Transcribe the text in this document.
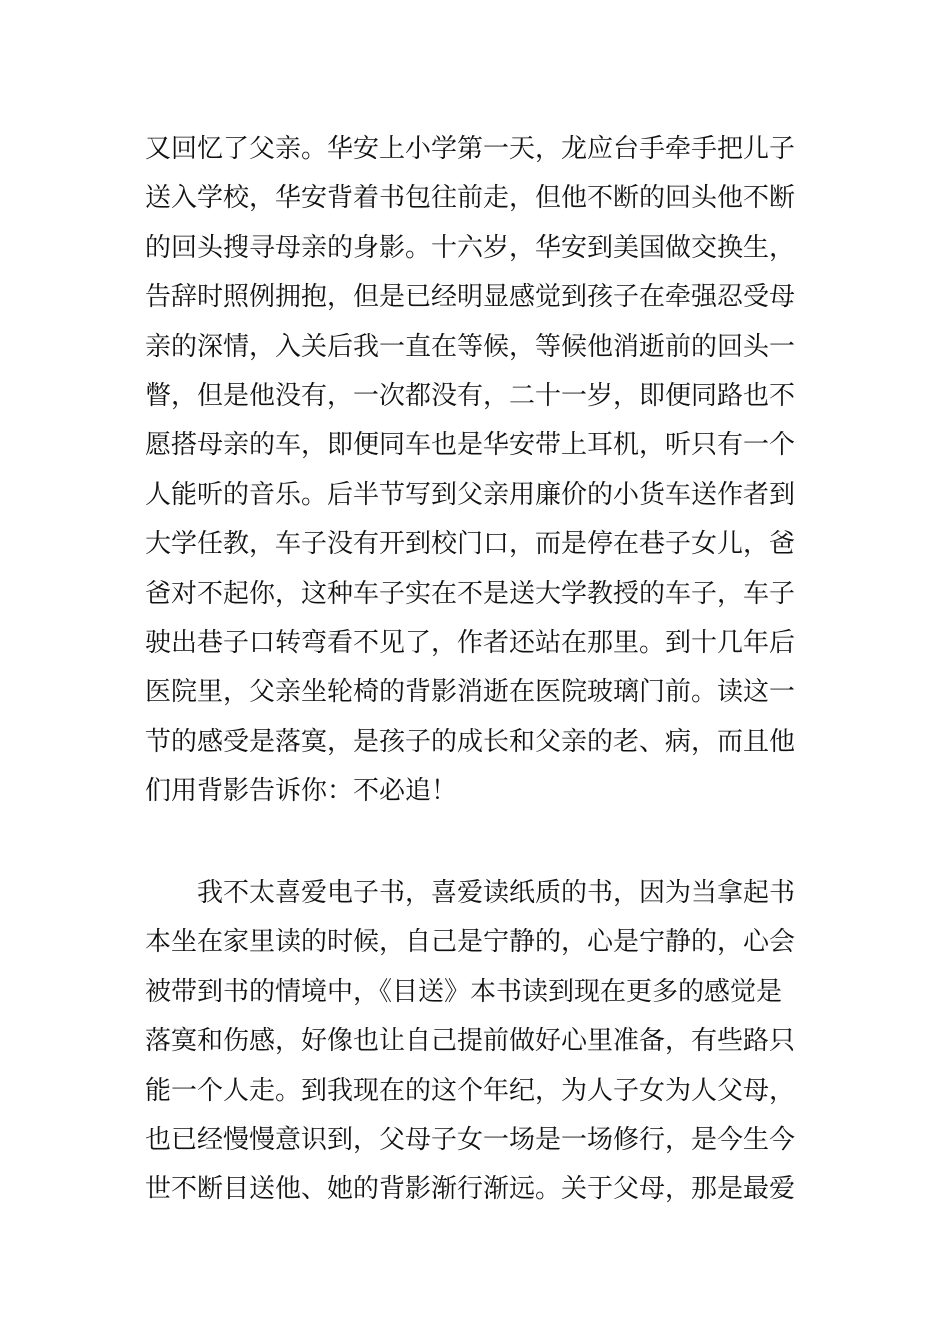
又回忆了父亲。华安上小学第一天，龙应台手牵手把儿子
送入学校，华安背着书包往前走，但他不断的回头他不断
的回头搜寻母亲的身影。十六岁，华安到美国做交换生，
告辞时照例拥抱，但是已经明显感觉到孩子在牵强忍受母
亲的深情，入关后我一直在等候，等候他消逝前的回头一
瞥，但是他没有，一次都没有，二十一岁，即便同路也不
愿搭母亲的车，即便同车也是华安带上耳机，听只有一个
人能听的音乐。后半节写到父亲用廉价的小货车送作者到
大学任教，车子没有开到校门口，而是停在巷子女儿，爸
爸对不起你，这种车子实在不是送大学教授的车子，车子
驶出巷子口转弯看不见了，作者还站在那里。到十几年后
医院里，父亲坐轮椅的背影消逝在医院玻璃门前。读这一
节的感受是落寞，是孩子的成长和父亲的老、病，而且他
们用背影告诉你：不必追！
我不太喜爱电子书，喜爱读纸质的书，因为当拿起书
本坐在家里读的时候，自己是宁静的，心是宁静的，心会
被带到书的情境中，《目送》本书读到现在更多的感觉是
落寞和伤感，好像也让自己提前做好心里准备，有些路只
能一个人走。到我现在的这个年纪，为人子女为人父母，
也已经慢慢意识到，父母子女一场是一场修行，是今生今
世不断目送他、她的背影渐行渐远。关于父母，那是最爱
